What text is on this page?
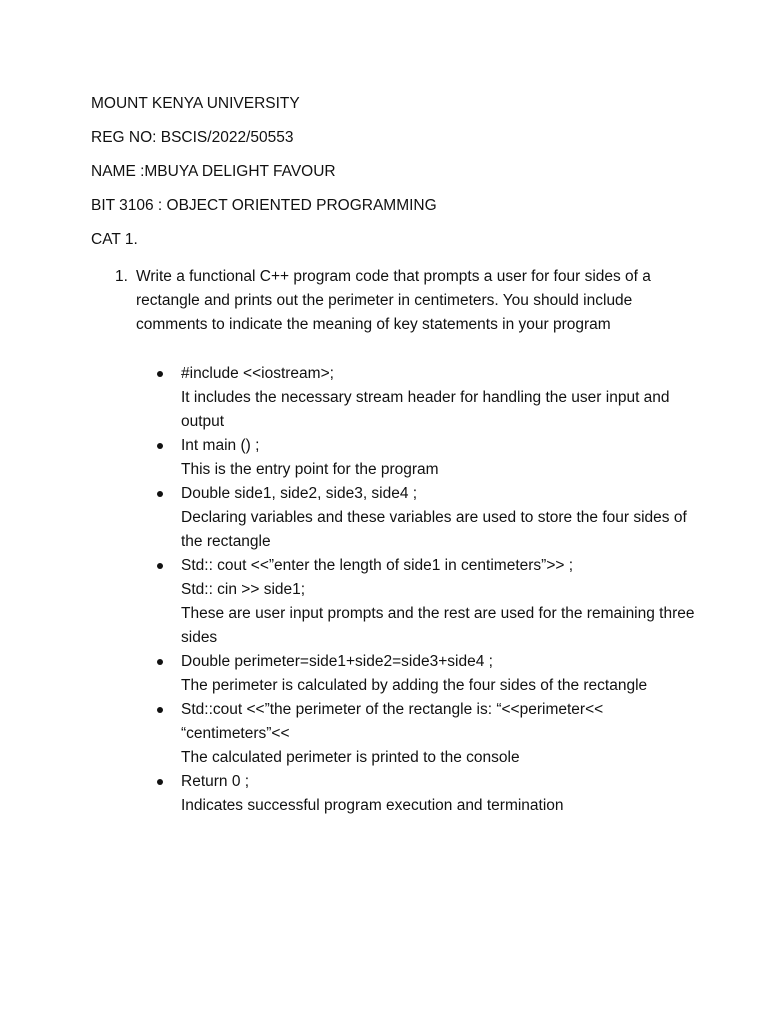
MOUNT KENYA UNIVERSITY
REG NO: BSCIS/2022/50553
NAME :MBUYA DELIGHT FAVOUR
BIT 3106 : OBJECT ORIENTED PROGRAMMING
CAT 1.
1. Write a functional C++ program code that prompts a user for four sides of a rectangle and prints out the perimeter in centimeters. You should include comments to indicate the meaning of key statements in your program
#include <<iostream>;
It includes the necessary stream header for handling the user input and output
Int main () ;
This is the entry point for the program
Double side1, side2, side3, side4 ;
Declaring variables and these variables are used to store the four sides of the rectangle
Std:: cout <<”enter the length of side1 in centimeters”>> ;
Std:: cin >> side1;
These are user input prompts and the rest are used for the remaining three sides
Double perimeter=side1+side2=side3+side4 ;
The perimeter is calculated by adding the four sides of the rectangle
Std::cout <<”the perimeter of the rectangle is: “<<perimeter<< “centimeters”<<
The calculated perimeter is printed to the console
Return 0 ;
Indicates successful program execution and termination
